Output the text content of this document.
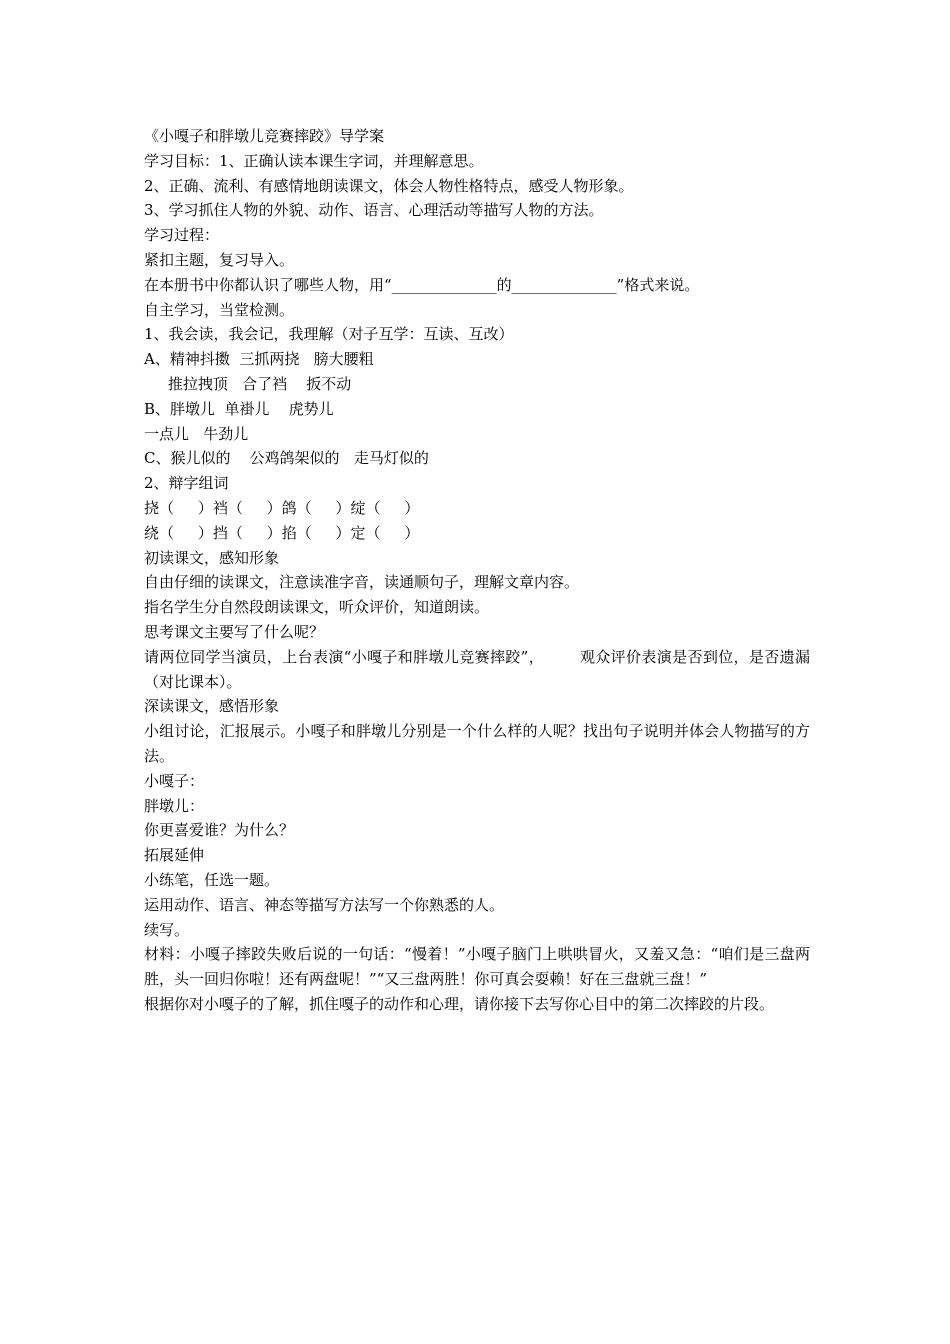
《小嘎子和胖墩儿竞赛摔跤》导学案
学习目标：1、正确认读本课生字词，并理解意思。
2、正确、流利、有感情地朗读课文，体会人物性格特点，感受人物形象。
3、学习抓住人物的外貌、动作、语言、心理活动等描写人物的方法。
学习过程：
紧扣主题，复习导入。
在本册书中你都认识了哪些人物，用“______________的______________”格式来说。
自主学习，当堂检测。
1、我会读，我会记，我理解（对子互学：互读、互改）
A、精神抖擞  三抓两挠   膀大腰粗
推拉拽顶   合了裆    扳不动
B、胖墩儿  单褂儿    虎势儿
一点儿   牛劲儿
C、猴儿似的    公鸡鸽架似的   走马灯似的
2、辩字组词
挠（     ）裆（     ）鸽（     ）绽（     ）
绕（     ）挡（     ）掐（     ）定（     ）
初读课文，感知形象
自由仔细的读课文，注意读准字音，读通顺句子，理解文章内容。
指名学生分自然段朗读课文，听众评价，知道朗读。
思考课文主要写了什么呢？
请两位同学当演员，上台表演“小嘎子和胖墩儿竞赛摔跤”，       观众评价表演是否到位，是否遗漏（对比课本）。
深读课文，感悟形象
小组讨论，汇报展示。小嘎子和胖墩儿分别是一个什么样的人呢？找出句子说明并体会人物描写的方法。
小嘎子：
胖墩儿：
你更喜爱谁？为什么？
拓展延伸
小练笔，任选一题。
运用动作、语言、神态等描写方法写一个你熟悉的人。
续写。
材料：小嘎子摔跤失败后说的一句话：“慢着！”小嘎子脑门上哄哄冒火，又羞又急：“咱们是三盘两胜，头一回归你啦！还有两盘呢！”“又三盘两胜！你可真会耍赖！好在三盘就三盘！”
根据你对小嘎子的了解，抓住嘎子的动作和心理，请你接下去写你心目中的第二次摔跤的片段。
